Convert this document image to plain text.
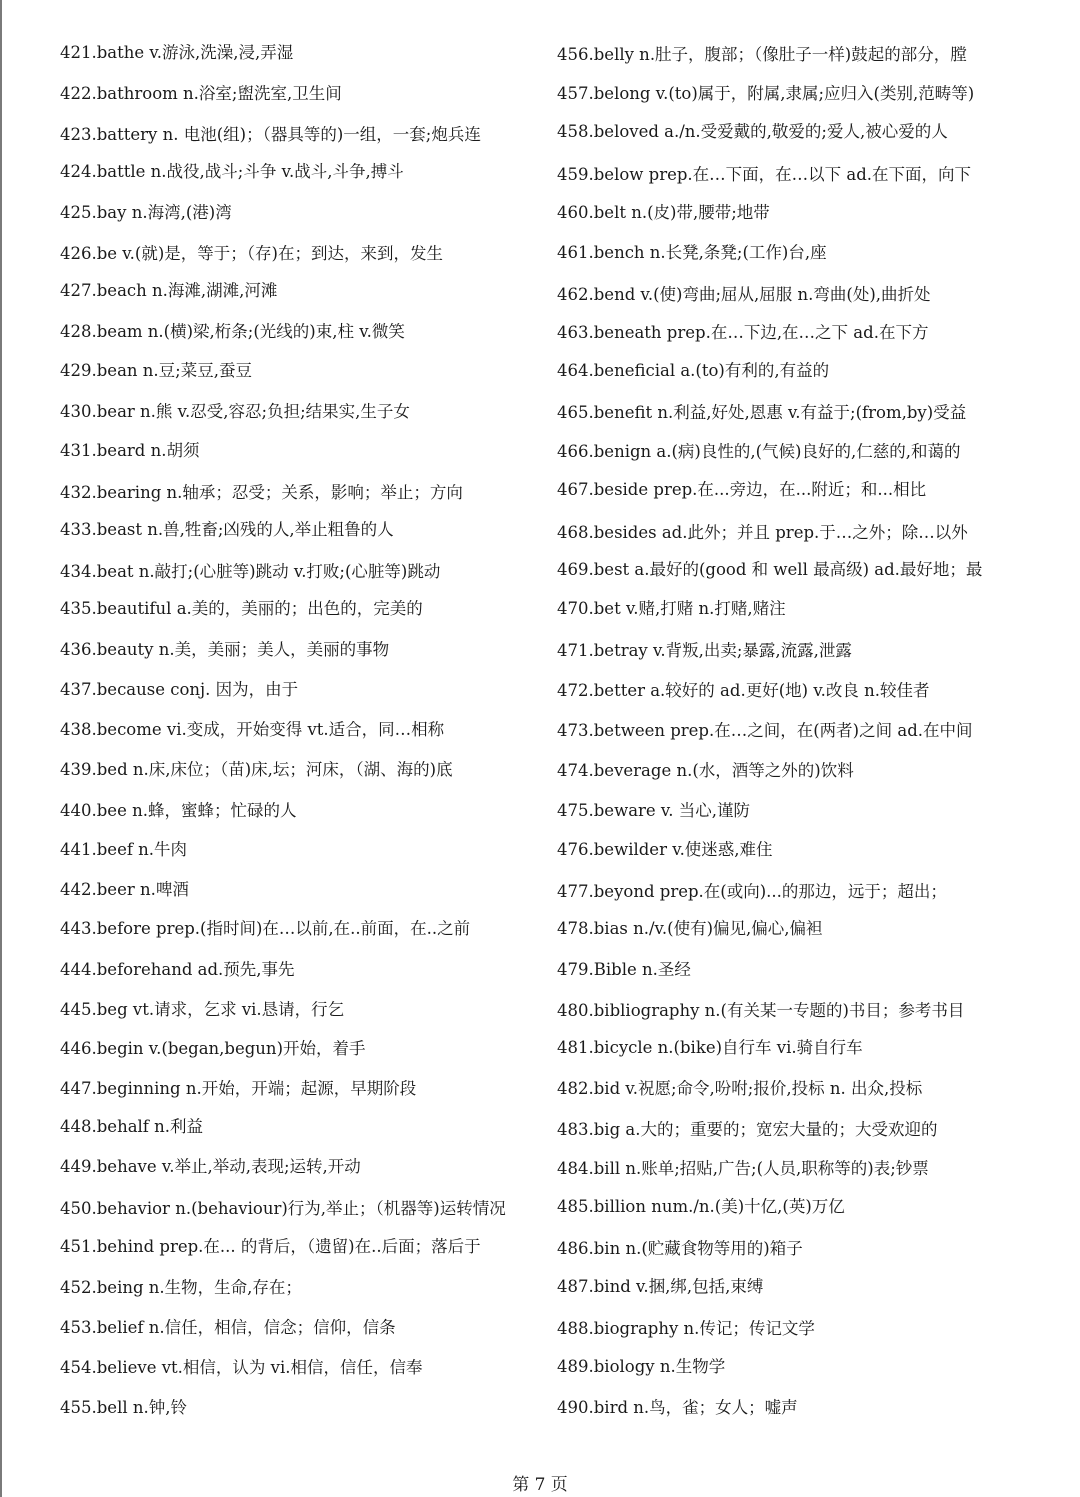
421.bathe v.游泳,洗澡,浸,弄湿
422.bathroom n.浴室;盥洗室,卫生间
423.battery n. 电池(组)；（器具等的)一组，一套;炮兵连
424.battle n.战役,战斗;斗争 v.战斗,斗争,搏斗
425.bay n.海湾,(港)湾
426.be v.(就)是，等于；（存)在；到达，来到，发生
427.beach n.海滩,湖滩,河滩
428.beam n.(横)梁,桁条;(光线的)束,柱 v.微笑
429.bean n.豆;菜豆,蚕豆
430.bear n.熊 v.忍受,容忍;负担;结果实,生子女
431.beard n.胡须
432.bearing n.轴承；忍受；关系，影响；举止；方向
433.beast n.兽,牲畜;凶残的人,举止粗鲁的人
434.beat n.敲打;(心脏等)跳动 v.打败;(心脏等)跳动
435.beautiful a.美的，美丽的；出色的，完美的
436.beauty n.美，美丽；美人，美丽的事物
437.because conj. 因为，由于
438.become vi.变成，开始变得 vt.适合，同…相称
439.bed n.床,床位；（苗)床,坛；河床，（湖、海的)底
440.bee n.蜂，蜜蜂；忙碌的人
441.beef n.牛肉
442.beer n.啤酒
443.before prep.(指时间)在…以前,在..前面，在..之前
444.beforehand ad.预先,事先
445.beg vt.请求，乞求 vi.恳请，行乞
446.begin v.(began,begun)开始，着手
447.beginning n.开始，开端；起源，早期阶段
448.behalf n.利益
449.behave v.举止,举动,表现;运转,开动
450.behavior n.(behaviour)行为,举止；（机器等)运转情况
451.behind prep.在... 的背后，（遗留)在..后面；落后于
452.being n.生物，生命,存在；
453.belief n.信任，相信，信念；信仰，信条
454.believe vt.相信，认为 vi.相信，信任，信奉
455.bell n.钟,铃
456.belly n.肚子，腹部；（像肚子一样)鼓起的部分，膛
457.belong v.(to)属于，附属,隶属;应归入(类别,范畴等)
458.beloved a./n.受爱戴的,敬爱的;爱人,被心爱的人
459.below prep.在…下面，在…以下 ad.在下面，向下
460.belt n.(皮)带,腰带;地带
461.bench n.长凳,条凳;(工作)台,座
462.bend v.(使)弯曲;屈从,屈服 n.弯曲(处),曲折处
463.beneath prep.在…下边,在…之下 ad.在下方
464.beneficial a.(to)有利的,有益的
465.benefit n.利益,好处,恩惠 v.有益于;(from,by)受益
466.benign a.(病)良性的,(气候)良好的,仁慈的,和蔼的
467.beside prep.在...旁边，在...附近；和...相比
468.besides ad.此外；并且 prep.于…之外；除…以外
469.best a.最好的(good 和 well 最高级) ad.最好地；最
470.bet v.赌,打赌 n.打赌,赌注
471.betray v.背叛,出卖;暴露,流露,泄露
472.better a.较好的 ad.更好(地) v.改良 n.较佳者
473.between prep.在…之间，在(两者)之间 ad.在中间
474.beverage n.(水，酒等之外的)饮料
475.beware v. 当心,谨防
476.bewilder v.使迷惑,难住
477.beyond prep.在(或向)...的那边，远于；超出；
478.bias n./v.(使有)偏见,偏心,偏袒
479.Bible n.圣经
480.bibliography n.(有关某一专题的)书目；参考书目
481.bicycle n.(bike)自行车 vi.骑自行车
482.bid v.祝愿;命令,吩咐;报价,投标 n. 出众,投标
483.big a.大的；重要的；宽宏大量的；大受欢迎的
484.bill n.账单;招贴,广告;(人员,职称等的)表;钞票
485.billion num./n.(美)十亿,(英)万亿
486.bin n.(贮藏食物等用的)箱子
487.bind v.捆,绑,包括,束缚
488.biography n.传记；传记文学
489.biology n.生物学
490.bird n.鸟，雀；女人；嘘声
第 7 页
